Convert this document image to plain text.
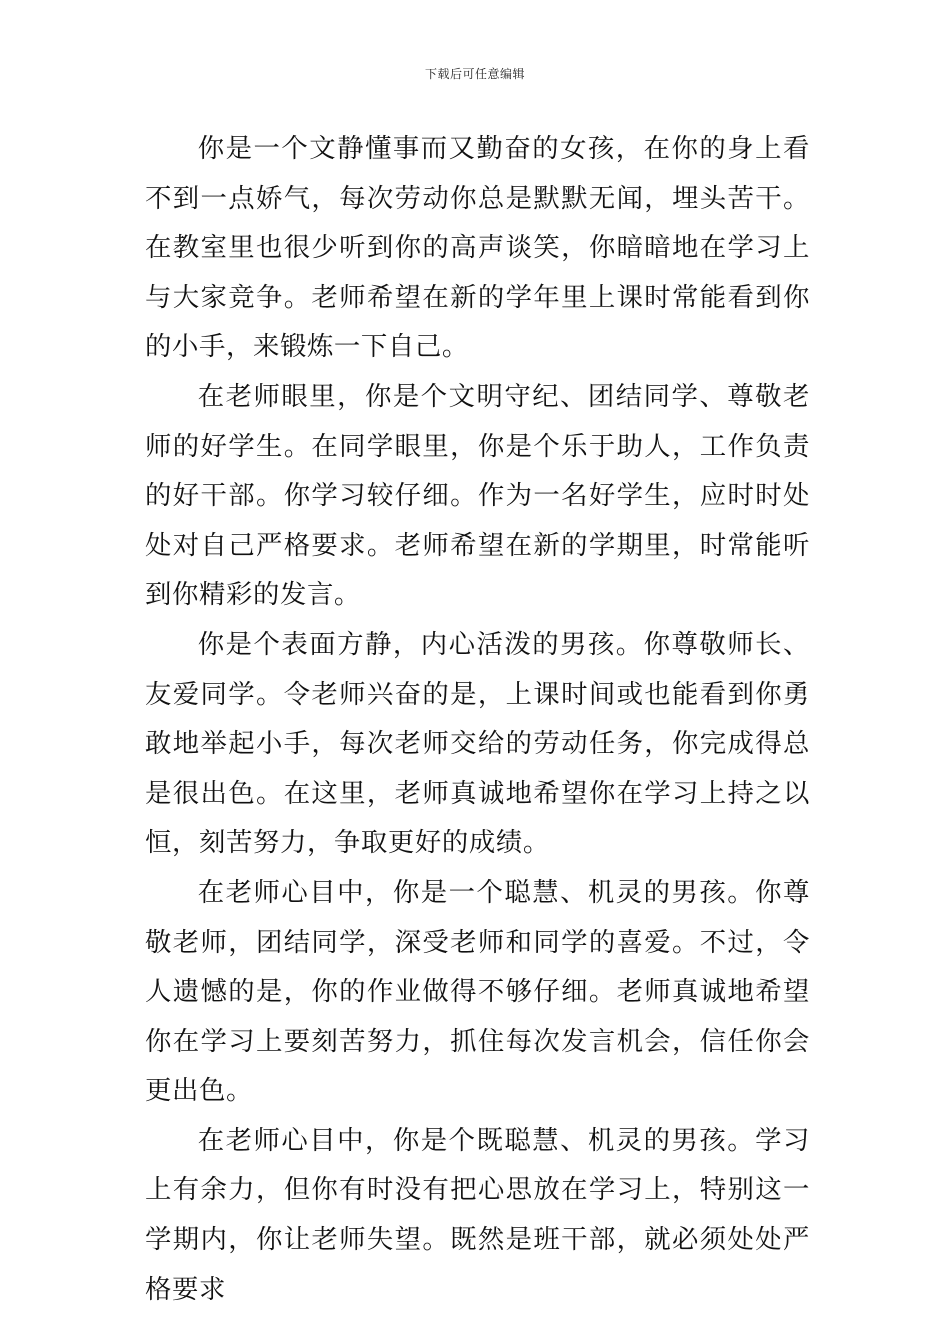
下载后可任意编辑

你是一个文静懂事而又勤奋的女孩，在你的身上看不到一点娇气，每次劳动你总是默默无闻，埋头苦干。在教室里也很少听到你的高声谈笑，你暗暗地在学习上与大家竞争。老师希望在新的学年里上课时常能看到你的小手，来锻炼一下自己。

在老师眼里，你是个文明守纪、团结同学、尊敬老师的好学生。在同学眼里，你是个乐于助人，工作负责的好干部。你学习较仔细。作为一名好学生，应时时处处对自己严格要求。老师希望在新的学期里，时常能听到你精彩的发言。

你是个表面方静，内心活泼的男孩。你尊敬师长、友爱同学。令老师兴奋的是，上课时间或也能看到你勇敢地举起小手，每次老师交给的劳动任务，你完成得总是很出色。在这里，老师真诚地希望你在学习上持之以恒，刻苦努力，争取更好的成绩。

在老师心目中，你是一个聪慧、机灵的男孩。你尊敬老师，团结同学，深受老师和同学的喜爱。不过，令人遗憾的是，你的作业做得不够仔细。老师真诚地希望你在学习上要刻苦努力，抓住每次发言机会，信任你会更出色。

在老师心目中，你是个既聪慧、机灵的男孩。学习上有余力，但你有时没有把心思放在学习上，特别这一学期内，你让老师失望。既然是班干部，就必须处处严格要求
